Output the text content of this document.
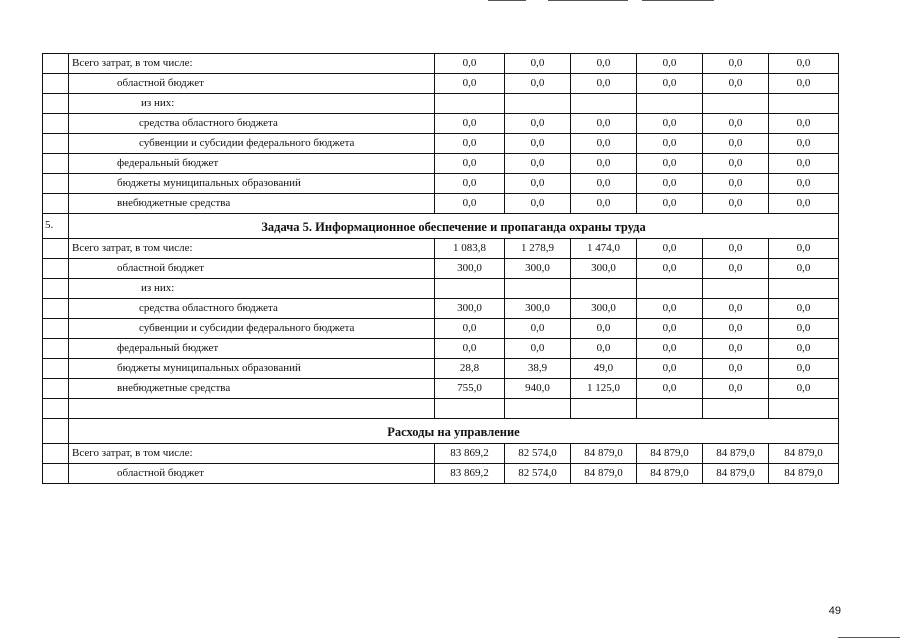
	Всего затрат, в том числе:	0,0	0,0	0,0	0,0	0,0	0,0
	областной бюджет	0,0	0,0	0,0	0,0	0,0	0,0
	из них:						
	средства областного бюджета	0,0	0,0	0,0	0,0	0,0	0,0
	субвенции и субсидии федерального бюджета	0,0	0,0	0,0	0,0	0,0	0,0
	федеральный бюджет	0,0	0,0	0,0	0,0	0,0	0,0
	бюджеты муниципальных образований	0,0	0,0	0,0	0,0	0,0	0,0
	внебюджетные средства	0,0	0,0	0,0	0,0	0,0	0,0
5.	Задача 5. Информационное обеспечение и пропаганда охраны труда						
	Всего затрат, в том числе:	1 083,8	1 278,9	1 474,0	0,0	0,0	0,0
	областной бюджет	300,0	300,0	300,0	0,0	0,0	0,0
	из них:						
	средства областного бюджета	300,0	300,0	300,0	0,0	0,0	0,0
	субвенции и субсидии федерального бюджета	0,0	0,0	0,0	0,0	0,0	0,0
	федеральный бюджет	0,0	0,0	0,0	0,0	0,0	0,0
	бюджеты муниципальных образований	28,8	38,9	49,0	0,0	0,0	0,0
	внебюджетные средства	755,0	940,0	1 125,0	0,0	0,0	0,0

	Расходы на управление						
	Всего затрат, в том числе:	83 869,2	82 574,0	84 879,0	84 879,0	84 879,0	84 879,0
	областной бюджет	83 869,2	82 574,0	84 879,0	84 879,0	84 879,0	84 879,0
49
